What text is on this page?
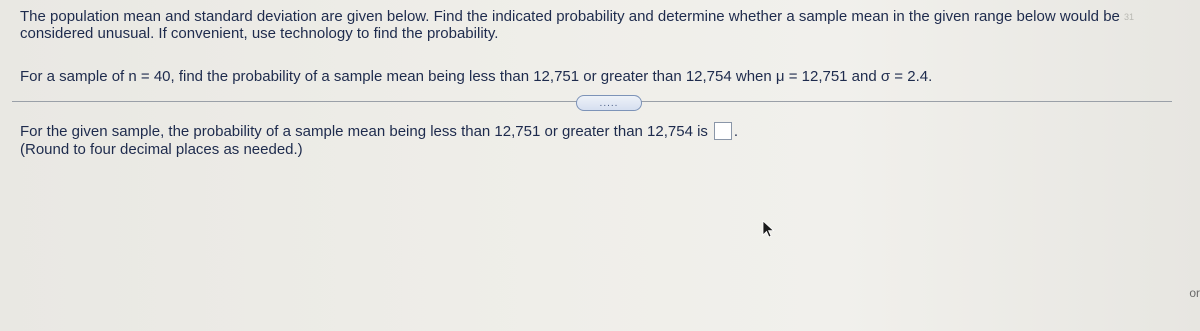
The population mean and standard deviation are given below. Find the indicated probability and determine whether a sample mean in the given range below would be
considered unusual. If convenient, use technology to find the probability.
31
For a sample of n = 40, find the probability of a sample mean being less than 12,751 or greater than 12,754 when μ = 12,751 and σ = 2.4.
.....
For the given sample, the probability of a sample mean being less than 12,751 or greater than 12,754 is .
(Round to four decimal places as needed.)
or
